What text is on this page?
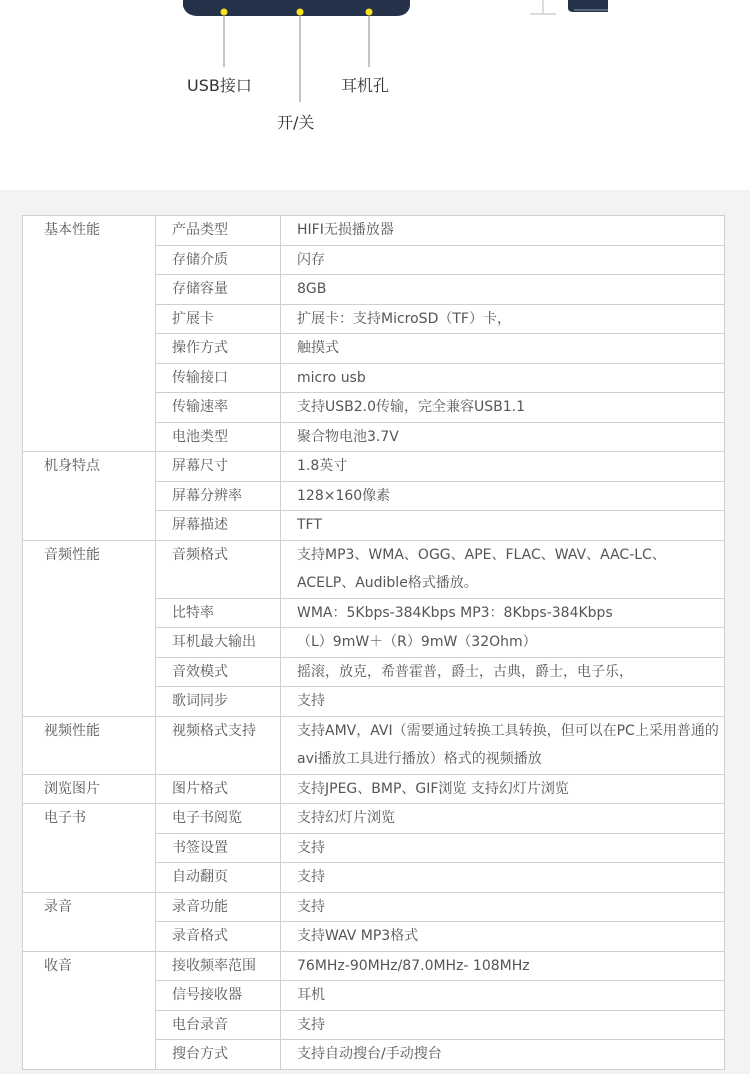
USB接口	耳机孔
开/关
基本性能	产品类型	HIFI无损播放器
	存储介质	闪存
	存储容量	8GB
	扩展卡	扩展卡：支持MicroSD（TF）卡，
	操作方式	触摸式
	传输接口	micro usb
	传输速率	支持USB2.0传输，完全兼容USB1.1
	电池类型	聚合物电池3.7V

机身特点	屏幕尺寸	1.8英寸
	屏幕分辨率	128×160像素
	屏幕描述	TFT

音频性能	音频格式	支持MP3、WMA、OGG、APE、FLAC、WAV、AAC-LC、ACELP、Audible格式播放。
	比特率	WMA：5Kbps-384Kbps MP3：8Kbps-384Kbps
	耳机最大输出	（L）9mW＋（R）9mW（32Ohm）
	音效模式	摇滚，放克，希普霍普，爵士，古典，爵士，电子乐，
	歌词同步	支持

视频性能	视频格式支持	支持AMV，AVI（需要通过转换工具转换，但可以在PC上采用普通的avi播放工具进行播放）格式的视频播放

浏览图片	图片格式	支持JPEG、BMP、GIF浏览 支持幻灯片浏览

电子书	电子书阅览	支持幻灯片浏览
	书签设置	支持
	自动翻页	支持

录音	录音功能	支持
	录音格式	支持WAV MP3格式

收音	接收频率范围	76MHz-90MHz/87.0MHz- 108MHz
	信号接收器	耳机
	电台录音	支持
	搜台方式	支持自动搜台/手动搜台
